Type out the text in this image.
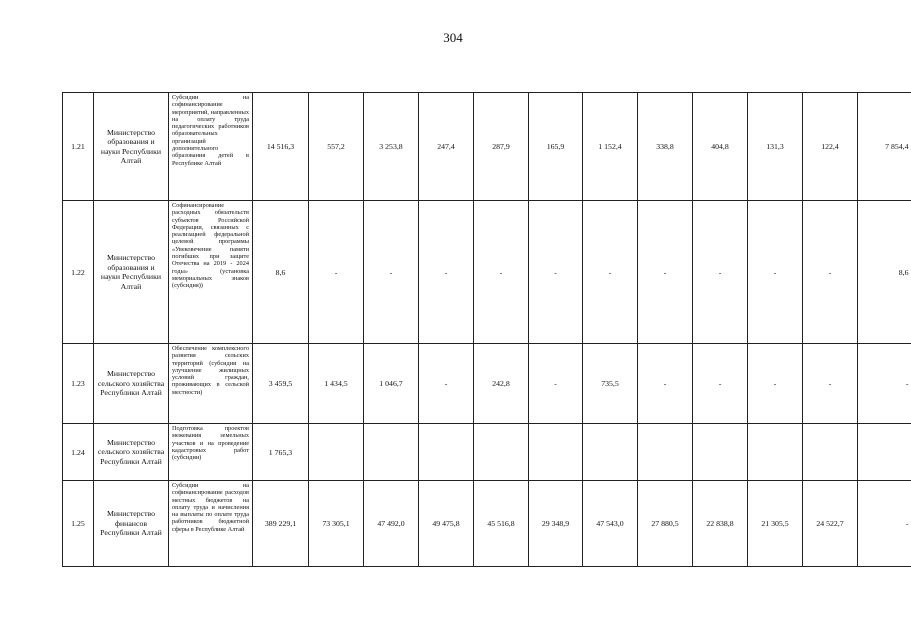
304
1.21	Министерство образования и науки Республики Алтай	Субсидии на софинансирование мероприятий, направленных на оплату труда педагогических работников образовательных организаций дополнительного образования детей в Республике Алтай	14 516,3	557,2	3 253,8	247,4	287,9	165,9	1 152,4	338,8	404,8	131,3	122,4	7 854,4
1.22	Министерство образования и науки Республики Алтай	Софинансирование расходных обязательств субъектов Российской Федерации, связанных с реализацией федеральной целевой программы «Увековечение памяти погибших при защите Отечества на 2019 - 2024 годы» (установка мемориальных знаков (субсидия))	8,6	-	-	-	-	-	-	-	-	-	-	8,6
1.23	Министерство сельского хозяйства Республики Алтай	Обеспечение комплексного развития сельских территорий (субсидии на улучшение жилищных условий граждан, проживающих в сельской местности)	3 459,5	1 434,5	1 046,7	-	242,8	-	735,5	-	-	-	-	-
1.24	Министерство сельского хозяйства Республики Алтай	Подготовка проектов межевания земельных участков и на проведение кадастровых работ (субсидии)	1 765,3											
1.25	Министерство финансов Республики Алтай	Субсидии на софинансирование расходов местных бюджетов на оплату труда и начисления на выплаты по оплате труда работников бюджетной сферы в Республике Алтай	389 229,1	73 305,1	47 492,0	49 475,8	45 516,8	29 348,9	47 543,0	27 880,5	22 838,8	21 305,5	24 522,7	-
